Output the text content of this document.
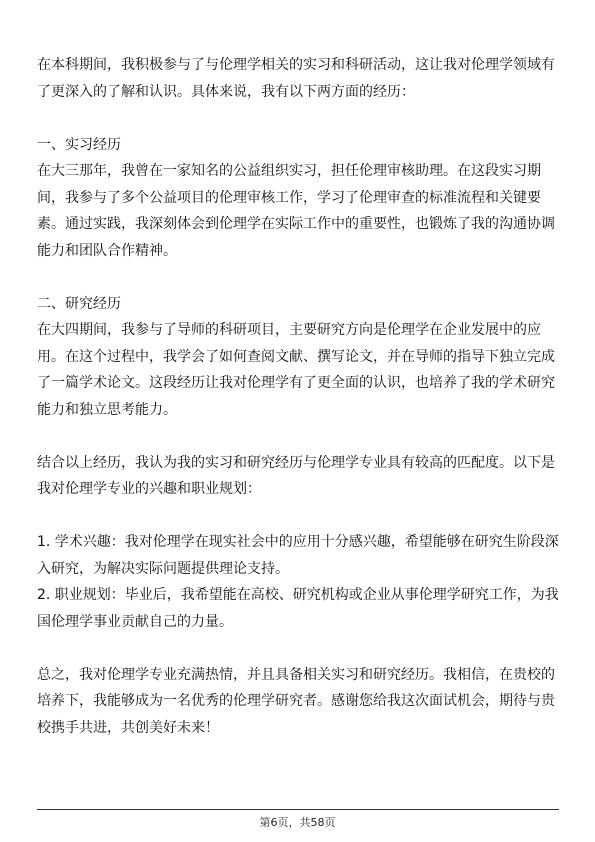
在本科期间，我积极参与了与伦理学相关的实习和科研活动，这让我对伦理学领域有了更深入的了解和认识。具体来说，我有以下两方面的经历：

一、实习经历
在大三那年，我曾在一家知名的公益组织实习，担任伦理审核助理。在这段实习期间，我参与了多个公益项目的伦理审核工作，学习了伦理审查的标准流程和关键要素。通过实践，我深刻体会到伦理学在实际工作中的重要性，也锻炼了我的沟通协调能力和团队合作精神。

二、研究经历
在大四期间，我参与了导师的科研项目，主要研究方向是伦理学在企业发展中的应用。在这个过程中，我学会了如何查阅文献、撰写论文，并在导师的指导下独立完成了一篇学术论文。这段经历让我对伦理学有了更全面的认识，也培养了我的学术研究能力和独立思考能力。

结合以上经历，我认为我的实习和研究经历与伦理学专业具有较高的匹配度。以下是我对伦理学专业的兴趣和职业规划：

1. 学术兴趣：我对伦理学在现实社会中的应用十分感兴趣，希望能够在研究生阶段深入研究，为解决实际问题提供理论支持。
2. 职业规划：毕业后，我希望能在高校、研究机构或企业从事伦理学研究工作，为我国伦理学事业贡献自己的力量。

总之，我对伦理学专业充满热情，并且具备相关实习和研究经历。我相信，在贵校的培养下，我能够成为一名优秀的伦理学研究者。感谢您给我这次面试机会，期待与贵校携手共进，共创美好未来！

第6页，共58页
